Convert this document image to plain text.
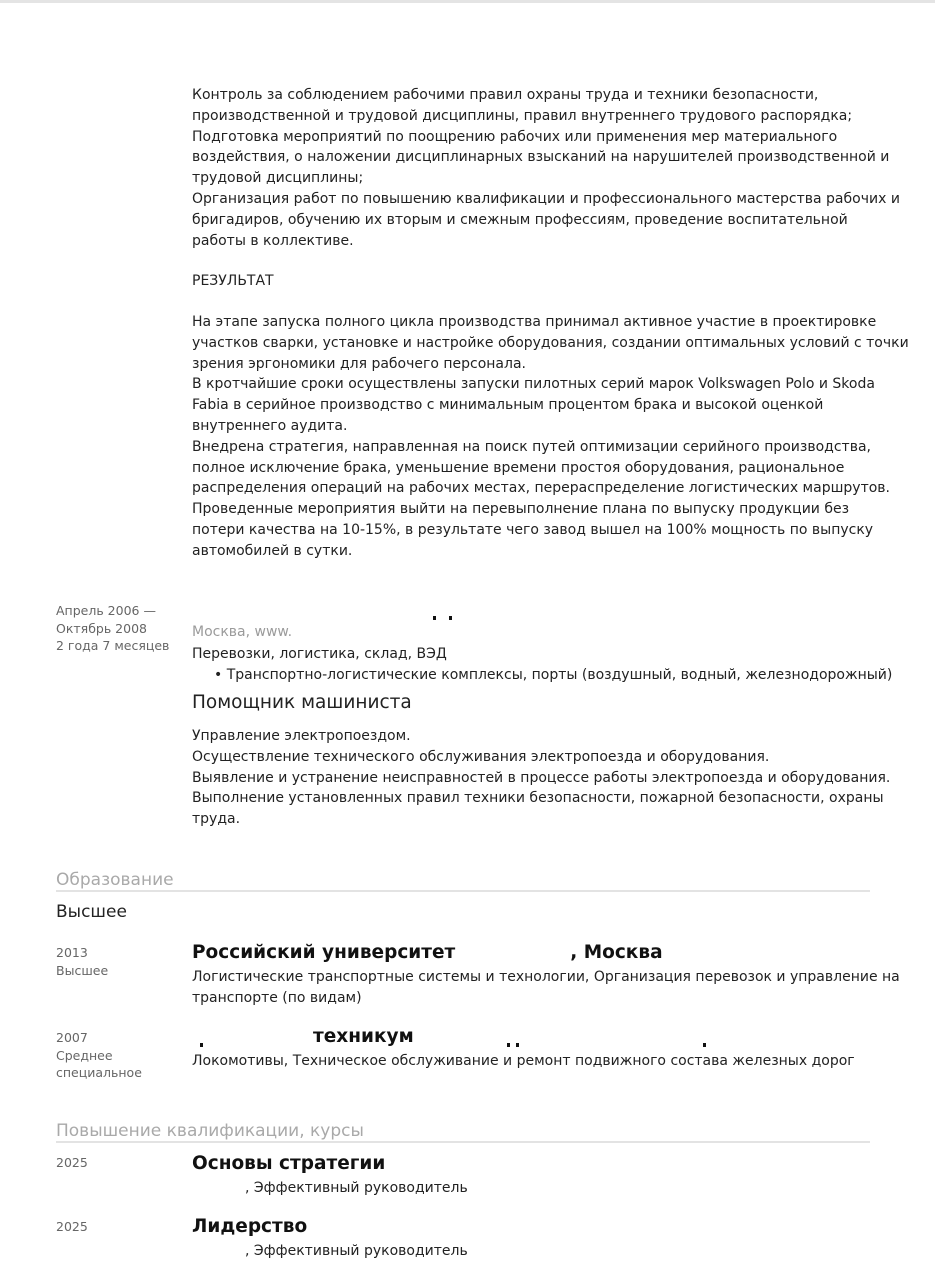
Контроль за соблюдением рабочими правил охраны труда и техники безопасности,
производственной и трудовой дисциплины, правил внутреннего трудового распорядка;
Подготовка мероприятий по поощрению рабочих или применения мер материального
воздействия, о наложении дисциплинарных взысканий на нарушителей производственной и
трудовой дисциплины;
Организация работ по повышению квалификации и профессионального мастерства рабочих и
бригадиров, обучению их вторым и смежным профессиям, проведение воспитательной
работы в коллективе.
РЕЗУЛЬТАТ
На этапе запуска полного цикла производства принимал активное участие в проектировке
участков сварки, установке и настройке оборудования, создании оптимальных условий с точки
зрения эргономики для рабочего персонала.
В кротчайшие сроки осуществлены запуски пилотных серий марок Volkswagen Polo и Skoda
Fabia в серийное производство с минимальным процентом брака и высокой оценкой
внутреннего аудита.
Внедрена стратегия, направленная на поиск путей оптимизации серийного производства,
полное исключение брака, уменьшение времени простоя оборудования, рациональное
распределения операций на рабочих местах, перераспределение логистических маршрутов.
Проведенные мероприятия выйти на перевыполнение плана по выпуску продукции без
потери качества на 10-15%, в результате чего завод вышел на 100% мощность по выпуску
автомобилей в сутки.
Апрель 2006 —
Октябрь 2008
2 года 7 месяцев
Москва, www.
Перевозки, логистика, склад, ВЭД
• Транспортно-логистические комплексы, порты (воздушный, водный, железнодорожный)
Помощник машиниста
Управление электропоездом.
Осуществление технического обслуживания электропоезда и оборудования.
Выявление и устранение неисправностей в процессе работы электропоезда и оборудования.
Выполнение установленных правил техники безопасности, пожарной безопасности, охраны
труда.
Образование
Высшее
2013
Высшее
Российский университет	, Москва
Логистические транспортные системы и технологии, Организация перевозок и управление на
транспорте (по видам)
2007
Среднее
специальное
техникум
Локомотивы, Техническое обслуживание и ремонт подвижного состава железных дорог
Повышение квалификации, курсы
2025	Основы стратегии
, Эффективный руководитель
2025	Лидерство
, Эффективный руководитель
